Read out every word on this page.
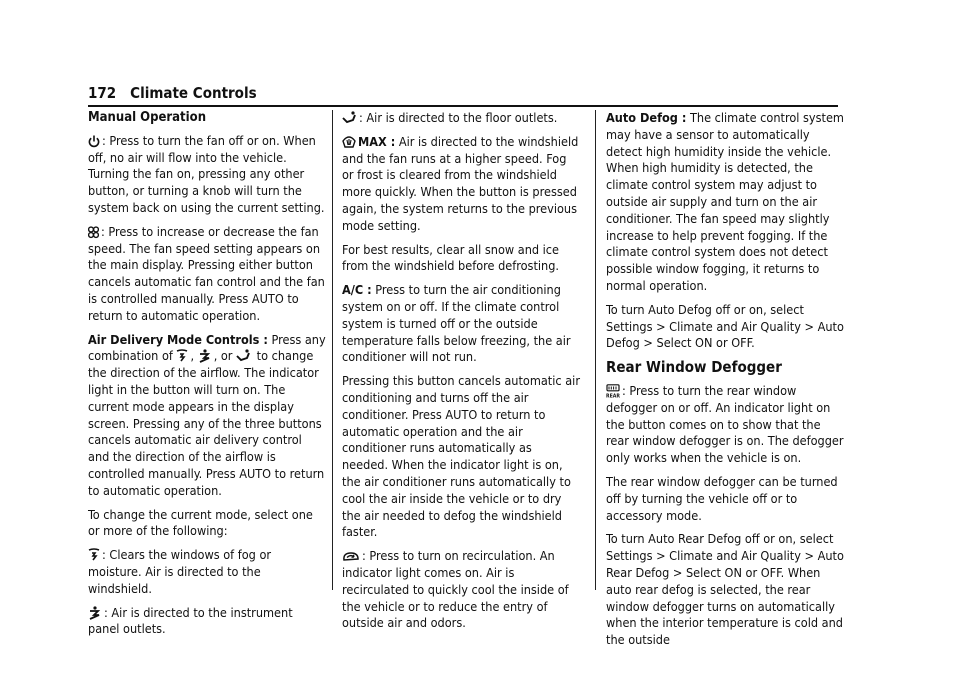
172 Climate Controls
Manual Operation

: Press to turn the fan off or on. When off, no air will flow into the vehicle. Turning the fan on, pressing any other button, or turning a knob will turn the system back on using the current setting.

: Press to increase or decrease the fan speed. The fan speed setting appears on the main display. Pressing either button cancels automatic fan control and the fan is controlled manually. Press AUTO to return to automatic operation.

Air Delivery Mode Controls : Press any combination of
,
, or
to change the direction of the airflow. The indicator light in the button will turn on. The current mode appears in the display screen. Pressing any of the three buttons cancels automatic air delivery control and the direction of the airflow is controlled manually. Press AUTO to return to automatic operation.

To change the current mode, select one or more of the following:

: Clears the windows of fog or moisture. Air is directed to the windshield.

: Air is directed to the instrument panel outlets.

: Air is directed to the floor outlets.

MAX : Air is directed to the windshield and the fan runs at a higher speed. Fog or frost is cleared from the windshield more quickly. When the button is pressed again, the system returns to the previous mode setting.

For best results, clear all snow and ice from the windshield before defrosting.

A/C : Press to turn the air conditioning system on or off. If the climate control system is turned off or the outside temperature falls below freezing, the air conditioner will not run.

Pressing this button cancels automatic air conditioning and turns off the air conditioner. Press AUTO to return to automatic operation and the air conditioner runs automatically as needed. When the indicator light is on, the air conditioner runs automatically to cool the air inside the vehicle or to dry the air needed to defog the windshield faster.

: Press to turn on recirculation. An indicator light comes on. Air is recirculated to quickly cool the inside of the vehicle or to reduce the entry of outside air and odors.

Auto Defog : The climate control system may have a sensor to automatically detect high humidity inside the vehicle. When high humidity is detected, the climate control system may adjust to outside air supply and turn on the air conditioner. The fan speed may slightly increase to help prevent fogging. If the climate control system does not detect possible window fogging, it returns to normal operation.

To turn Auto Defog off or on, select Settings > Climate and Air Quality > Auto Defog > Select ON or OFF.

Rear Window Defogger

REAR : Press to turn the rear window defogger on or off. An indicator light on the button comes on to show that the rear window defogger is on. The defogger only works when the vehicle is on.

The rear window defogger can be turned off by turning the vehicle off or to accessory mode.

To turn Auto Rear Defog off or on, select Settings > Climate and Air Quality > Auto Rear Defog > Select ON or OFF. When auto rear defog is selected, the rear window defogger turns on automatically when the interior temperature is cold and the outside
